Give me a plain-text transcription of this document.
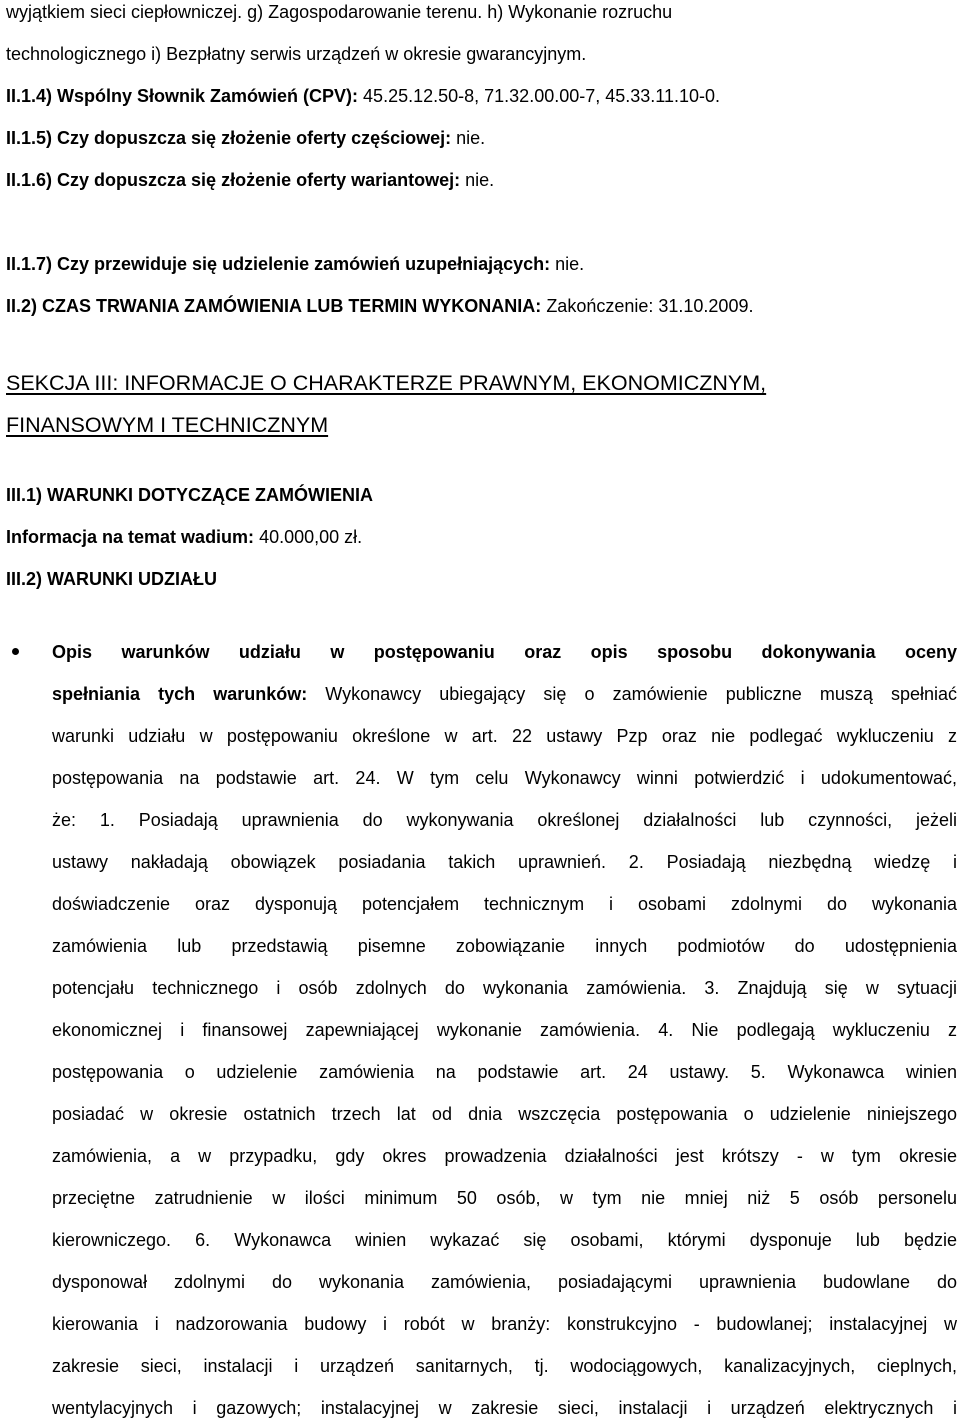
wyjątkiem sieci ciepłowniczej. g) Zagospodarowanie terenu. h) Wykonanie rozruchu
technologicznego i) Bezpłatny serwis urządzeń w okresie gwarancyjnym.
II.1.4) Wspólny Słownik Zamówień (CPV): 45.25.12.50-8, 71.32.00.00-7, 45.33.11.10-0.
II.1.5) Czy dopuszcza się złożenie oferty częściowej: nie.
II.1.6) Czy dopuszcza się złożenie oferty wariantowej: nie.
II.1.7) Czy przewiduje się udzielenie zamówień uzupełniających: nie.
II.2) CZAS TRWANIA ZAMÓWIENIA LUB TERMIN WYKONANIA: Zakończenie: 31.10.2009.
SEKCJA III: INFORMACJE O CHARAKTERZE PRAWNYM, EKONOMICZNYM,
FINANSOWYM I TECHNICZNYM
III.1) WARUNKI DOTYCZĄCE ZAMÓWIENIA
Informacja na temat wadium: 40.000,00 zł.
III.2) WARUNKI UDZIAŁU
Opis warunków udziału w postępowaniu oraz opis sposobu dokonywania oceny
spełniania tych warunków: Wykonawcy ubiegający się o zamówienie publiczne muszą spełniać
warunki udziału w postępowaniu określone w art. 22 ustawy Pzp oraz nie podlegać wykluczeniu z
postępowania na podstawie art. 24. W tym celu Wykonawcy winni potwierdzić i udokumentować,
że: 1. Posiadają uprawnienia do wykonywania określonej działalności lub czynności, jeżeli
ustawy nakładają obowiązek posiadania takich uprawnień. 2. Posiadają niezbędną wiedzę i
doświadczenie oraz dysponują potencjałem technicznym i osobami zdolnymi do wykonania
zamówienia lub przedstawią pisemne zobowiązanie innych podmiotów do udostępnienia
potencjału technicznego i osób zdolnych do wykonania zamówienia. 3. Znajdują się w sytuacji
ekonomicznej i finansowej zapewniającej wykonanie zamówienia. 4. Nie podlegają wykluczeniu z
postępowania o udzielenie zamówienia na podstawie art. 24 ustawy. 5. Wykonawca winien
posiadać w okresie ostatnich trzech lat od dnia wszczęcia postępowania o udzielenie niniejszego
zamówienia, a w przypadku, gdy okres prowadzenia działalności jest krótszy - w tym okresie
przeciętne zatrudnienie w ilości minimum 50 osób, w tym nie mniej niż 5 osób personelu
kierowniczego. 6. Wykonawca winien wykazać się osobami, którymi dysponuje lub będzie
dysponował zdolnymi do wykonania zamówienia, posiadającymi uprawnienia budowlane do
kierowania i nadzorowania budowy i robót w branży: konstrukcyjno - budowlanej; instalacyjnej w
zakresie sieci, instalacji i urządzeń sanitarnych, tj. wodociągowych, kanalizacyjnych, cieplnych,
wentylacyjnych i gazowych; instalacyjnej w zakresie sieci, instalacji i urządzeń elektrycznych i
